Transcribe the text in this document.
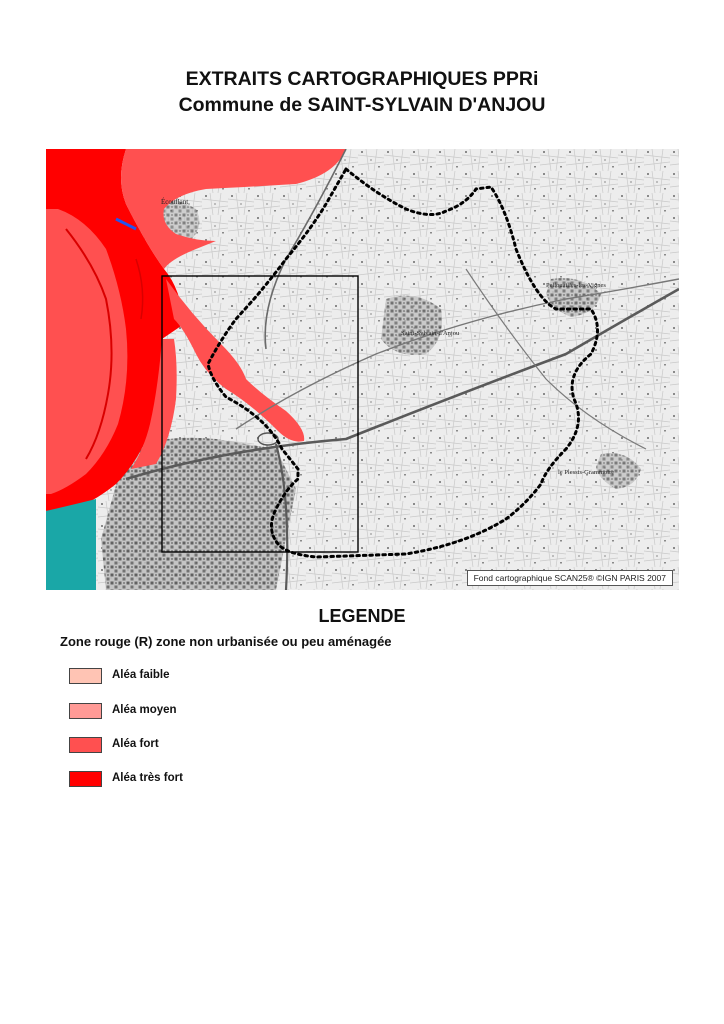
EXTRAITS CARTOGRAPHIQUES PPRi
Commune de SAINT-SYLVAIN D'ANJOU
Écouflant
Pellouailles-les-Vignes
Saint-Sylvain-d'Anjou
le Plessis-Grammoire
Fond cartographique SCAN25® ©IGN PARIS 2007
LEGENDE
Zone rouge (R) zone non urbanisée ou peu aménagée
Aléa faible
Aléa moyen
Aléa fort
Aléa très fort
